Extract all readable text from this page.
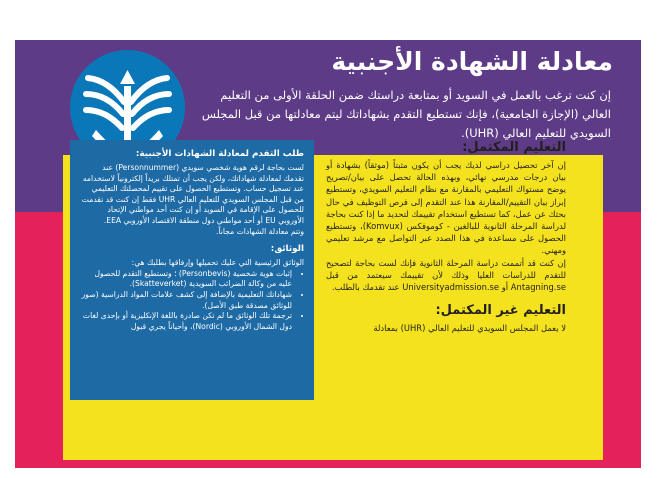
معادلة الشهادة الأجنبية

إن كنت ترغب بالعمل في السويد أو بمتابعة دراستك ضمن الحلقة الأولى من التعليم العالي (الإجازة الجامعية)، فإنك تستطيع التقدم بشهاداتك ليتم معادلتها من قبل المجلس السويدي للتعليم العالي (UHR).

طلب التقدم لمعادلة الشهادات الأجنبية:

لست بحاجة لرقم هوية شخصي سويدي (Personnummer) عند تقدمك لمعادلة شهاداتك، ولكن يجب أن تمتلك بريداً إلكترونياً لاستخدامه عند تسجيل حساب. وتستطيع الحصول على تقييم لمحصلتك التعليمي من قبل المجلس السويدي للتعليم العالي UHR فقط إن كنت قد تقدمت للحصول على الإقامة في السويد أو إن كنت أحد مواطني الإتحاد الأوروبي EU أو أحد مواطني دول منطقة الاقتصاد الأوروبي EEA.

وتتم معادلة الشهادات مجاناً.

الوثائق:

الوثائق الرئيسية التي عليك تحميلها وإرفاقها بطلبك هي:

• إثبات هوية شخصية (Personbevis) ؛ وتستطيع التقدم للحصول عليه من وكالة الضرائب السويدية (Skatteverket).
• شهاداتك التعليمية بالإضافة إلى كشف علامات المواد الدراسية (صور للوثائق مصدقة طبق الأصل).
• ترجمة تلك الوثائق ما لم تكن صادرة باللغة الإنكليزية أو بإحدى لغات دول الشمال الأوروبي (Nordic)، وأحياناً يجري قبول
التعليم المكتمل:

إن آخر تحصيل دراسي لديك يجب أن يكون مثبتاً (موثقاً) بشهادة أو بيان درجات مدرسي نهائي، وبهذه الحالة تحصل على بيان/تصريح يوضح مستواك التعليمي بالمقارنة مع نظام التعليم السويدي، وتستطيع إبراز بيان التقييم/المقارنة هذا عند التقدم إلى فرص التوظيف في حال بحثك عن عمل، كما تستطيع استخدام تقييمك لتحديد ما إذا كنت بحاجة لدراسة المرحلة الثانوية للبالغين - كوموفكس (Komvux)، وتستطيع الحصول على مساعدة في هذا الصدد عبر التواصل مع مرشد تعليمي ومهني.

إن كنت قد أتممت دراسة المرحلة الثانوية فإنك لست بحاجة لتصحيح للتقدم للدراسات العليا وذلك لأن تقييمك سيعتمد من قبل Antagning.se أو Universityadmission.se عند تقدمك بالطلب.

التعليم غير المكتمل:

لا يعمل المجلس السويدي للتعليم العالي (UHR) بمعادلة
